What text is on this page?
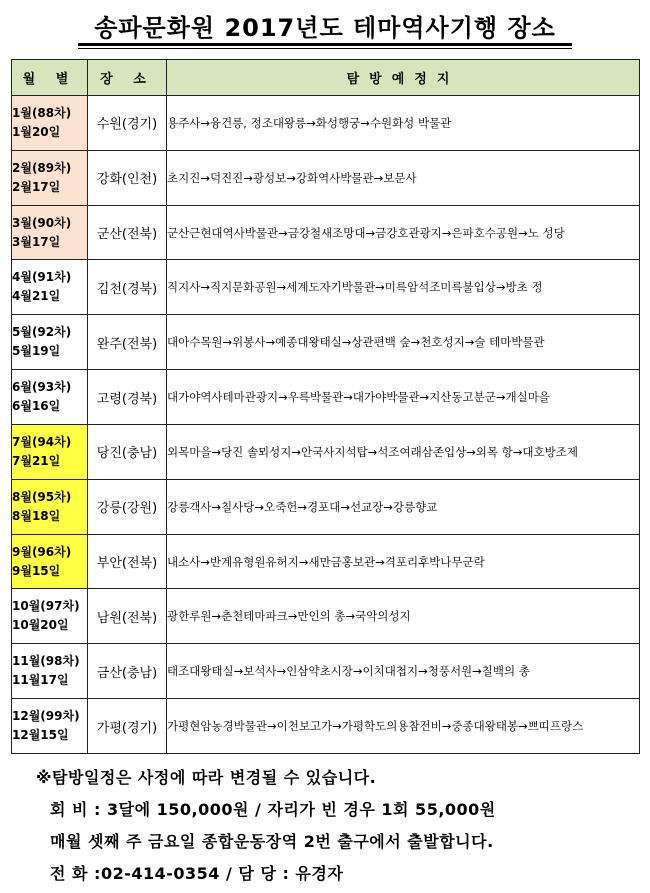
송파문화원 2017년도 테마역사기행 장소
월 별	장 소	탐방예정지

1월(88차)
1월20일	수원(경기)	용주사→융건릉, 정조대왕릉→화성행궁→수원화성 박물관

2월(89차)
2월17일	강화(인천)	초지진→덕진진→광성보→강화역사박물관→보문사

3월(90차)
3월17일	군산(전북)	군산근현대역사박물관→금강철새조망대→금강호관광지→은파호수공원→노 성당

4월(91차)
4월21일	김천(경북)	직지사→직지문화공원→세계도자기박물관→미륵암석조미륵불입상→방초 정

5월(92차)
5월19일	완주(전북)	대아수목원→위봉사→예종대왕태실→상관편백 숲→천호성지→술 테마박물관

6월(93차)
6월16일	고령(경북)	대가야역사테마관광지→우륵박물관→대가야박물관→지산동고분군→개실마을

7월(94차)
7월21일	당진(충남)	외목마을→당진 솔뫼성지→안국사지석탑→석조여래삼존입상→외목 항→대호방조제

8월(95차)
8월18일	강릉(강원)	강릉객사→칠사당→오죽헌→경포대→선교장→강릉향교

9월(96차)
9월15일	부안(전북)	내소사→반계유형원유허지→새만금홍보관→격포리후박나무군락

10월(97차)
10월20일	남원(전북)	광한루원→춘천테마파크→만인의 총→국악의성지

11월(98차)
11월17일	금산(충남)	태조대왕태실→보석사→인삼약초시장→이치대첩지→청풍서원→칠백의 총

12월(99차)
12월15일	가평(경기)	가평현암농경박물관→이천보고가→가평학도의용참전비→중종대왕태봉→쁘띠프랑스
※탐방일정은 사정에 따라 변경될 수 있습니다.
회 비 : 3달에 150,000원 / 자리가 빈 경우 1회 55,000원
매월 셋째 주 금요일 종합운동장역 2번 출구에서 출발합니다.
전 화 :02-414-0354 / 담 당 : 유경자
